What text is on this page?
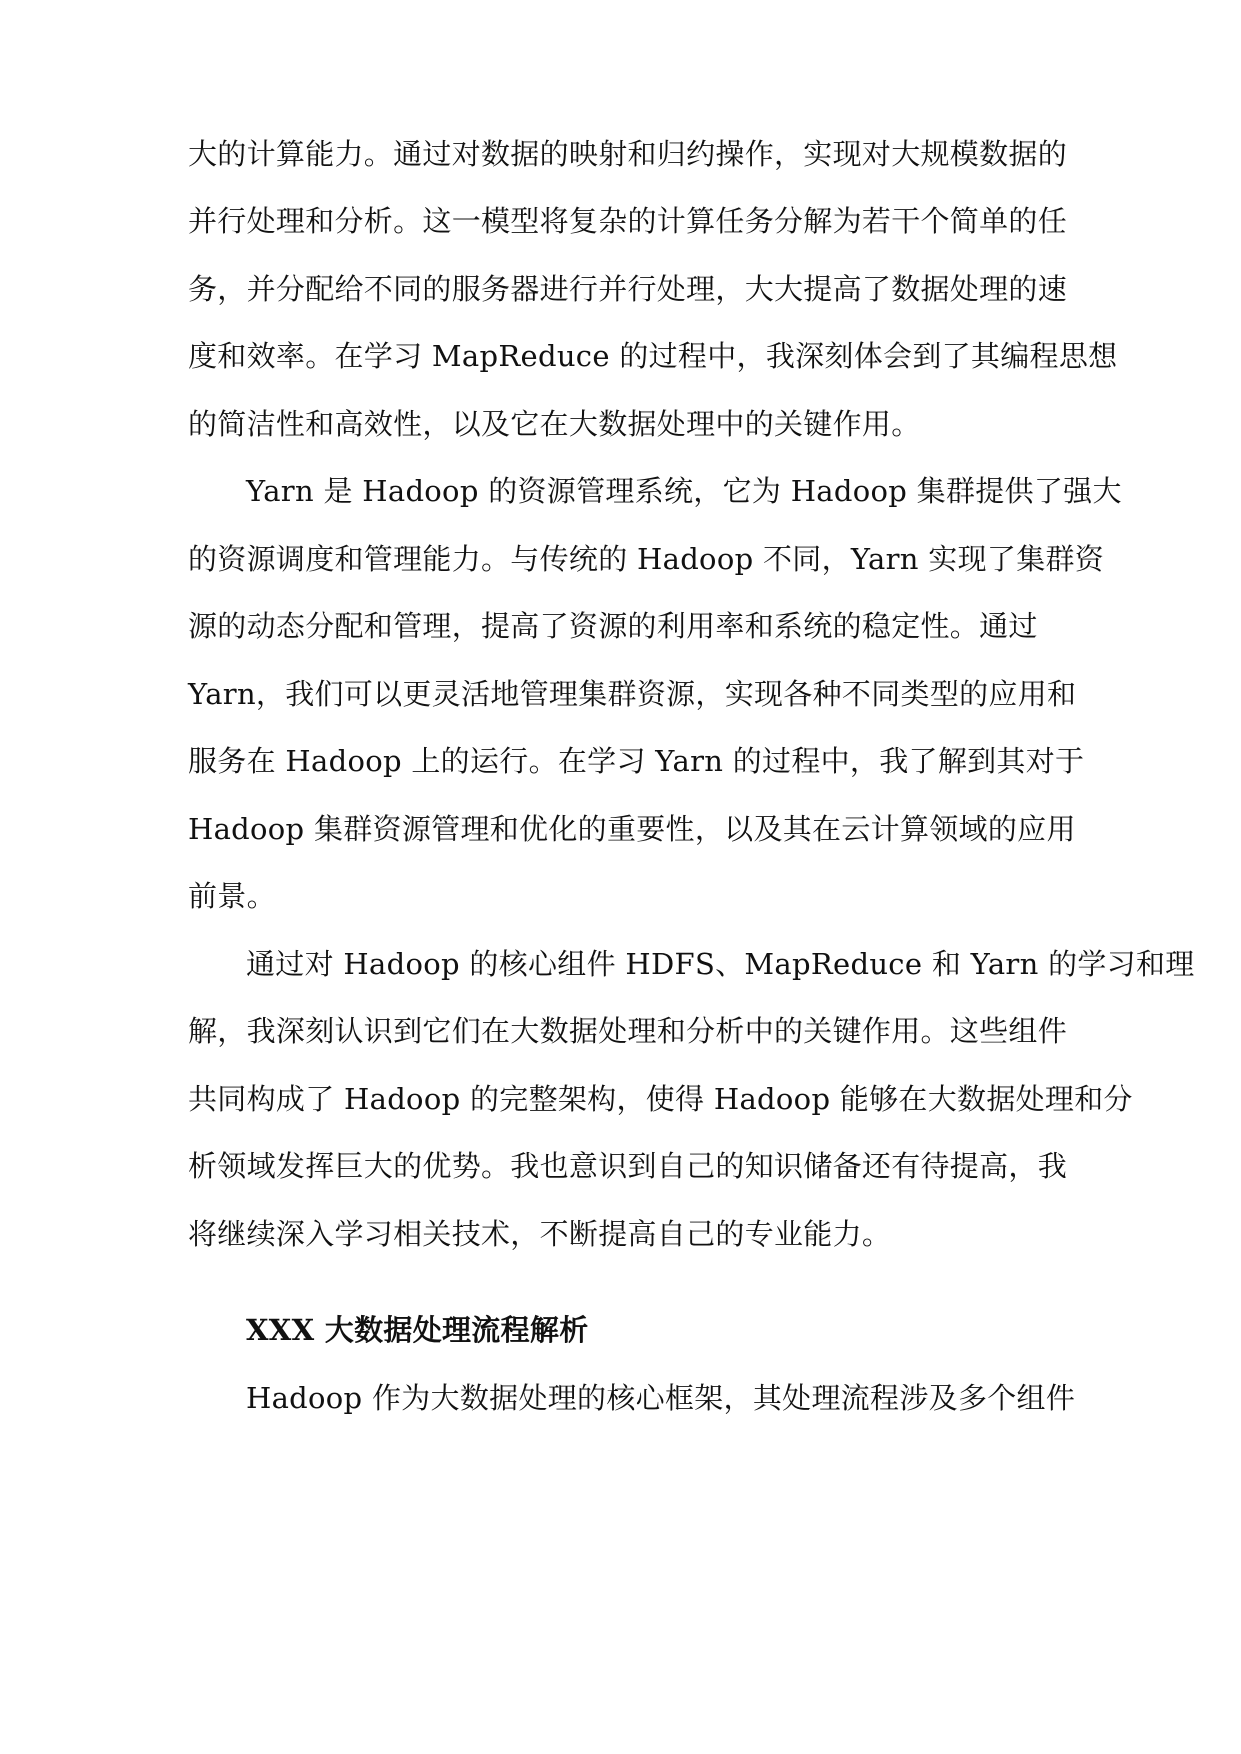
大的计算能力。通过对数据的映射和归约操作，实现对大规模数据的
并行处理和分析。这一模型将复杂的计算任务分解为若干个简单的任
务，并分配给不同的服务器进行并行处理，大大提高了数据处理的速
度和效率。在学习 MapReduce 的过程中，我深刻体会到了其编程思想
的简洁性和高效性，以及它在大数据处理中的关键作用。
Yarn 是 Hadoop 的资源管理系统，它为 Hadoop 集群提供了强大
的资源调度和管理能力。与传统的 Hadoop 不同，Yarn 实现了集群资
源的动态分配和管理，提高了资源的利用率和系统的稳定性。通过
Yarn，我们可以更灵活地管理集群资源，实现各种不同类型的应用和
服务在 Hadoop 上的运行。在学习 Yarn 的过程中，我了解到其对于
Hadoop 集群资源管理和优化的重要性，以及其在云计算领域的应用
前景。
通过对 Hadoop 的核心组件 HDFS、MapReduce 和 Yarn 的学习和理
解，我深刻认识到它们在大数据处理和分析中的关键作用。这些组件
共同构成了 Hadoop 的完整架构，使得 Hadoop 能够在大数据处理和分
析领域发挥巨大的优势。我也意识到自己的知识储备还有待提高，我
将继续深入学习相关技术，不断提高自己的专业能力。
XXX 大数据处理流程解析
Hadoop 作为大数据处理的核心框架，其处理流程涉及多个组件
